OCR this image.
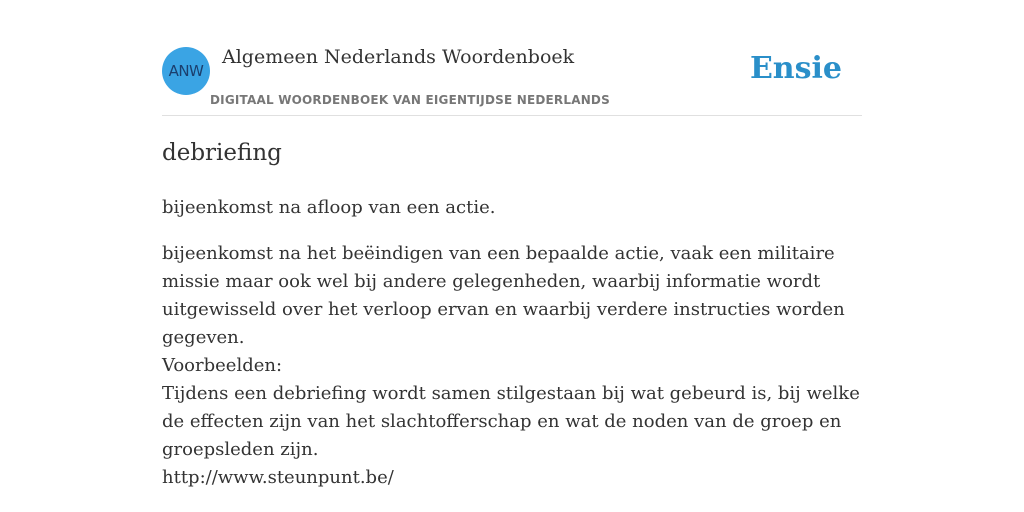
ANW
Algemeen Nederlands Woordenboek
DIGITAAL WOORDENBOEK VAN EIGENTIJDSE NEDERLANDS
Ensie
debriefing
bijeenkomst na afloop van een actie.
bijeenkomst na het beëindigen van een bepaalde actie, vaak een militaire missie maar ook wel bij andere gelegenheden, waarbij informatie wordt uitgewisseld over het verloop ervan en waarbij verdere instructies worden gegeven.
Voorbeelden:
Tijdens een debriefing wordt samen stilgestaan bij wat gebeurd is, bij welke de effecten zijn van het slachtofferschap en wat de noden van de groep en groepsleden zijn.
http://www.steunpunt.be/
